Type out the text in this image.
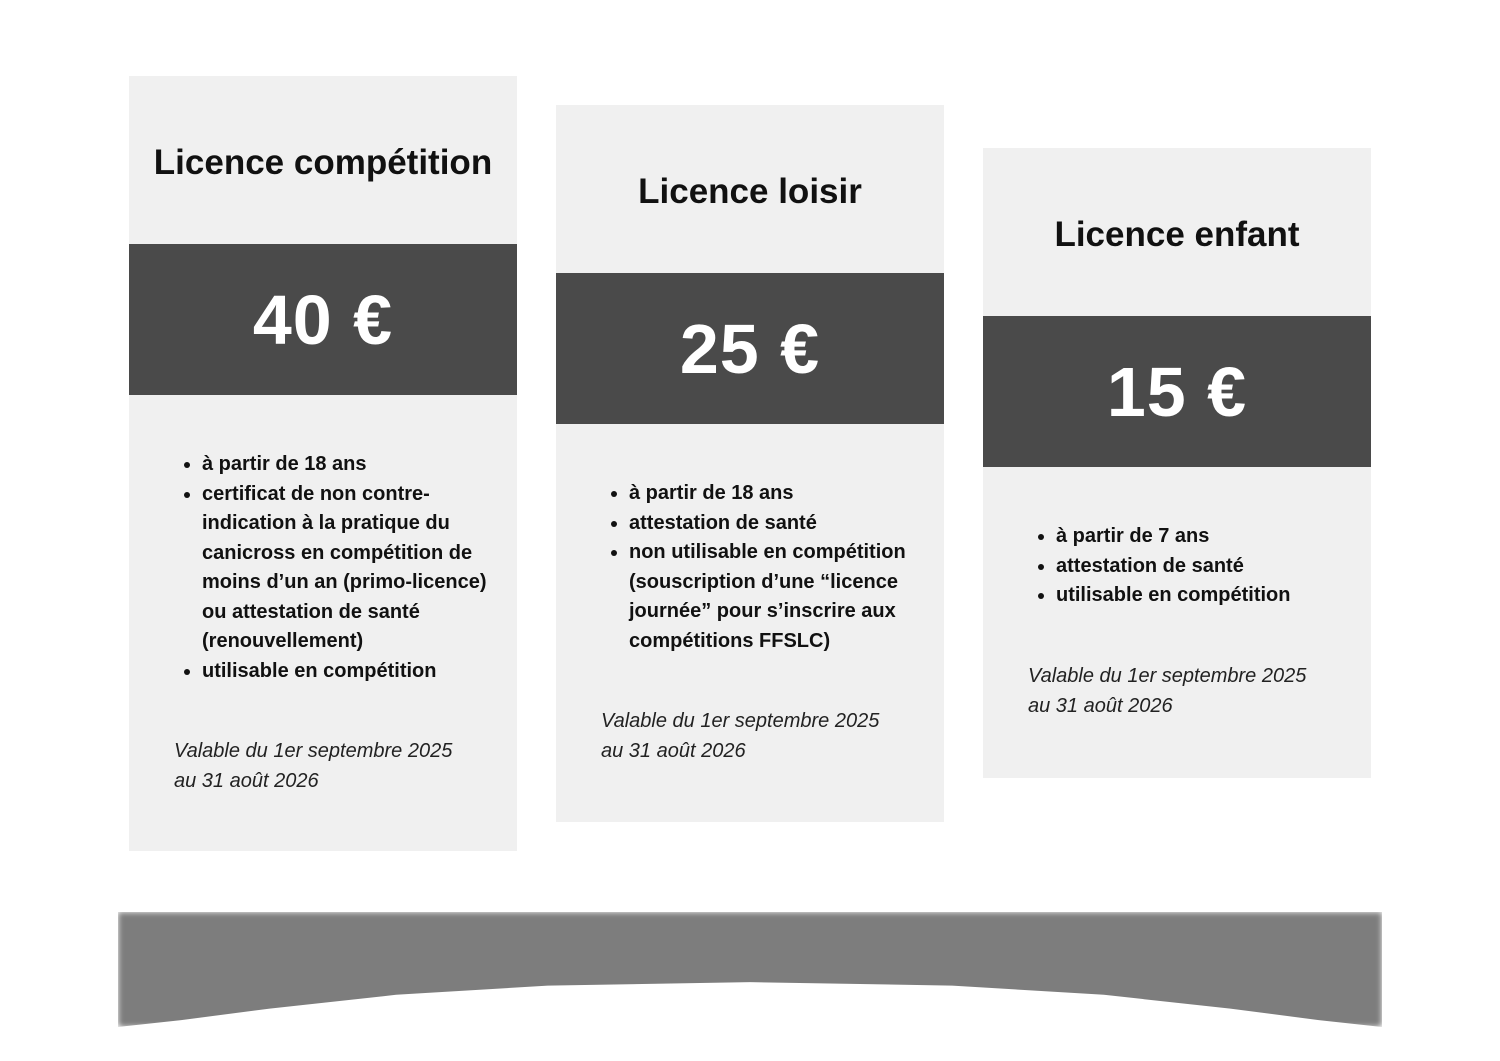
Licence compétition
40 €
• à partir de 18 ans
• certificat de non contre-indication à la pratique du canicross en compétition de moins d’un an (primo-licence) ou attestation de santé (renouvellement)
• utilisable en compétition
Valable du 1er septembre 2025
au 31 août 2026
Licence loisir
25 €
• à partir de 18 ans
• attestation de santé
• non utilisable en compétition (souscription d’une “licence journée” pour s’inscrire aux compétitions FFSLC)
Valable du 1er septembre 2025
au 31 août 2026
Licence enfant
15 €
• à partir de 7 ans
• attestation de santé
• utilisable en compétition
Valable du 1er septembre 2025
au 31 août 2026
